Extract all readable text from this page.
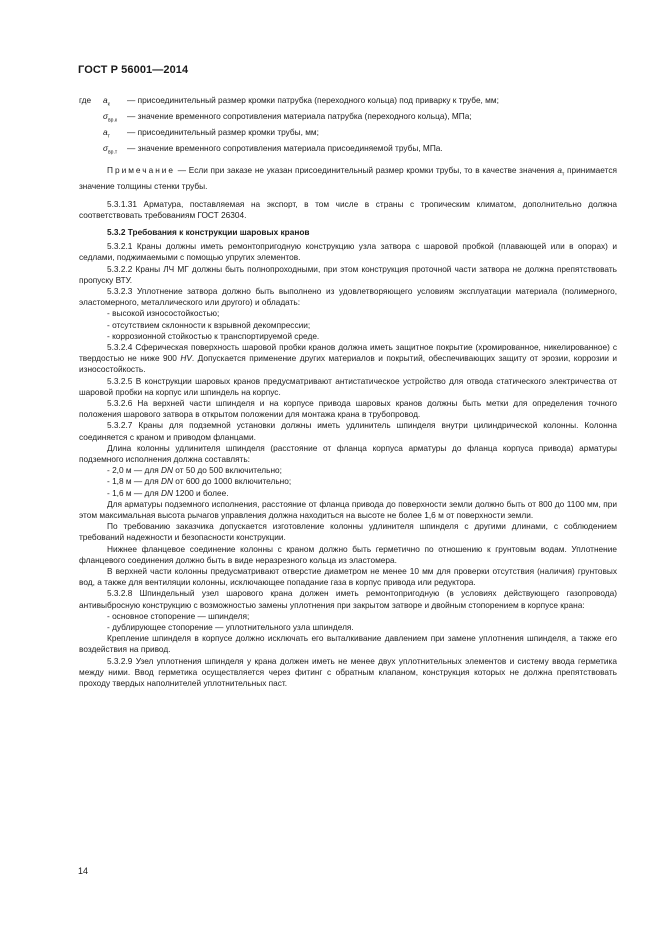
ГОСТ Р 56001—2014
где	$a_к$	— присоединительный размер кромки патрубка (переходного кольца) под приварку к трубе, мм;
$\sigma_{вр.к}$	— значение временного сопротивления материала патрубка (переходного кольца), МПа;
$a_т$	— присоединительный размер кромки трубы, мм;
$\sigma_{вр.т}$	— значение временного сопротивления материала присоединяемой трубы, МПа.

Примечание — Если при заказе не указан присоединительный размер кромки трубы, то в качестве значения $a_т$ принимается значение толщины стенки трубы.

5.3.1.31 Арматура, поставляемая на экспорт, в том числе в страны с тропическим климатом, дополнительно должна соответствовать требованиям ГОСТ 26304.

5.3.2 Требования к конструкции шаровых кранов

5.3.2.1 Краны должны иметь ремонтопригодную конструкцию узла затвора с шаровой пробкой (плавающей или в опорах) и седлами, поджимаемыми с помощью упругих элементов.

5.3.2.2 Краны ЛЧ МГ должны быть полнопроходными, при этом конструкция проточной части затвора не должна препятствовать пропуску ВТУ.

5.3.2.3 Уплотнение затвора должно быть выполнено из удовлетворяющего условиям эксплуатации материала (полимерного, эластомерного, металлического или другого) и обладать:

- высокой износостойкостью;

- отсутствием склонности к взрывной декомпрессии;

- коррозионной стойкостью к транспортируемой среде.

5.3.2.4 Сферическая поверхность шаровой пробки кранов должна иметь защитное покрытие (хромированное, никелированное) с твердостью не ниже 900 HV. Допускается применение других материалов и покрытий, обеспечивающих защиту от эрозии, коррозии и износостойкость.

5.3.2.5 В конструкции шаровых кранов предусматривают антистатическое устройство для отвода статического электричества от шаровой пробки на корпус или шпиндель на корпус.

5.3.2.6 На верхней части шпинделя и на корпусе привода шаровых кранов должны быть метки для определения точного положения шарового затвора в открытом положении для монтажа крана в трубопровод.

5.3.2.7 Краны для подземной установки должны иметь удлинитель шпинделя внутри цилиндрической колонны. Колонна соединяется с краном и приводом фланцами.

Длина колонны удлинителя шпинделя (расстояние от фланца корпуса арматуры до фланца корпуса привода) арматуры подземного исполнения должна составлять:

- 2,0 м — для DN от 50 до 500 включительно;

- 1,8 м — для DN от 600 до 1000 включительно;

- 1,6 м — для DN 1200 и более.

Для арматуры подземного исполнения, расстояние от фланца привода до поверхности земли должно быть от 800 до 1100 мм, при этом максимальная высота рычагов управления должна находиться на высоте не более 1,6 м от поверхности земли.

По требованию заказчика допускается изготовление колонны удлинителя шпинделя с другими длинами, с соблюдением требований надежности и безопасности конструкции.

Нижнее фланцевое соединение колонны с краном должно быть герметично по отношению к грунтовым водам. Уплотнение фланцевого соединения должно быть в виде неразрезного кольца из эластомера.

В верхней части колонны предусматривают отверстие диаметром не менее 10 мм для проверки отсутствия (наличия) грунтовых вод, а также для вентиляции колонны, исключающее попадание газа в корпус привода или редуктора.

5.3.2.8 Шпиндельный узел шарового крана должен иметь ремонтопригодную (в условиях действующего газопровода) антивыбросную конструкцию с возможностью замены уплотнения при закрытом затворе и двойным стопорением в корпусе крана:

- основное стопорение — шпинделя;

- дублирующее стопорение — уплотнительного узла шпинделя.

Крепление шпинделя в корпусе должно исключать его выталкивание давлением при замене уплотнения шпинделя, а также его воздействия на привод.

5.3.2.9 Узел уплотнения шпинделя у крана должен иметь не менее двух уплотнительных элементов и систему ввода герметика между ними. Ввод герметика осуществляется через фитинг с обратным клапаном, конструкция которых не должна препятствовать проходу твердых наполнителей уплотнительных паст.

14
